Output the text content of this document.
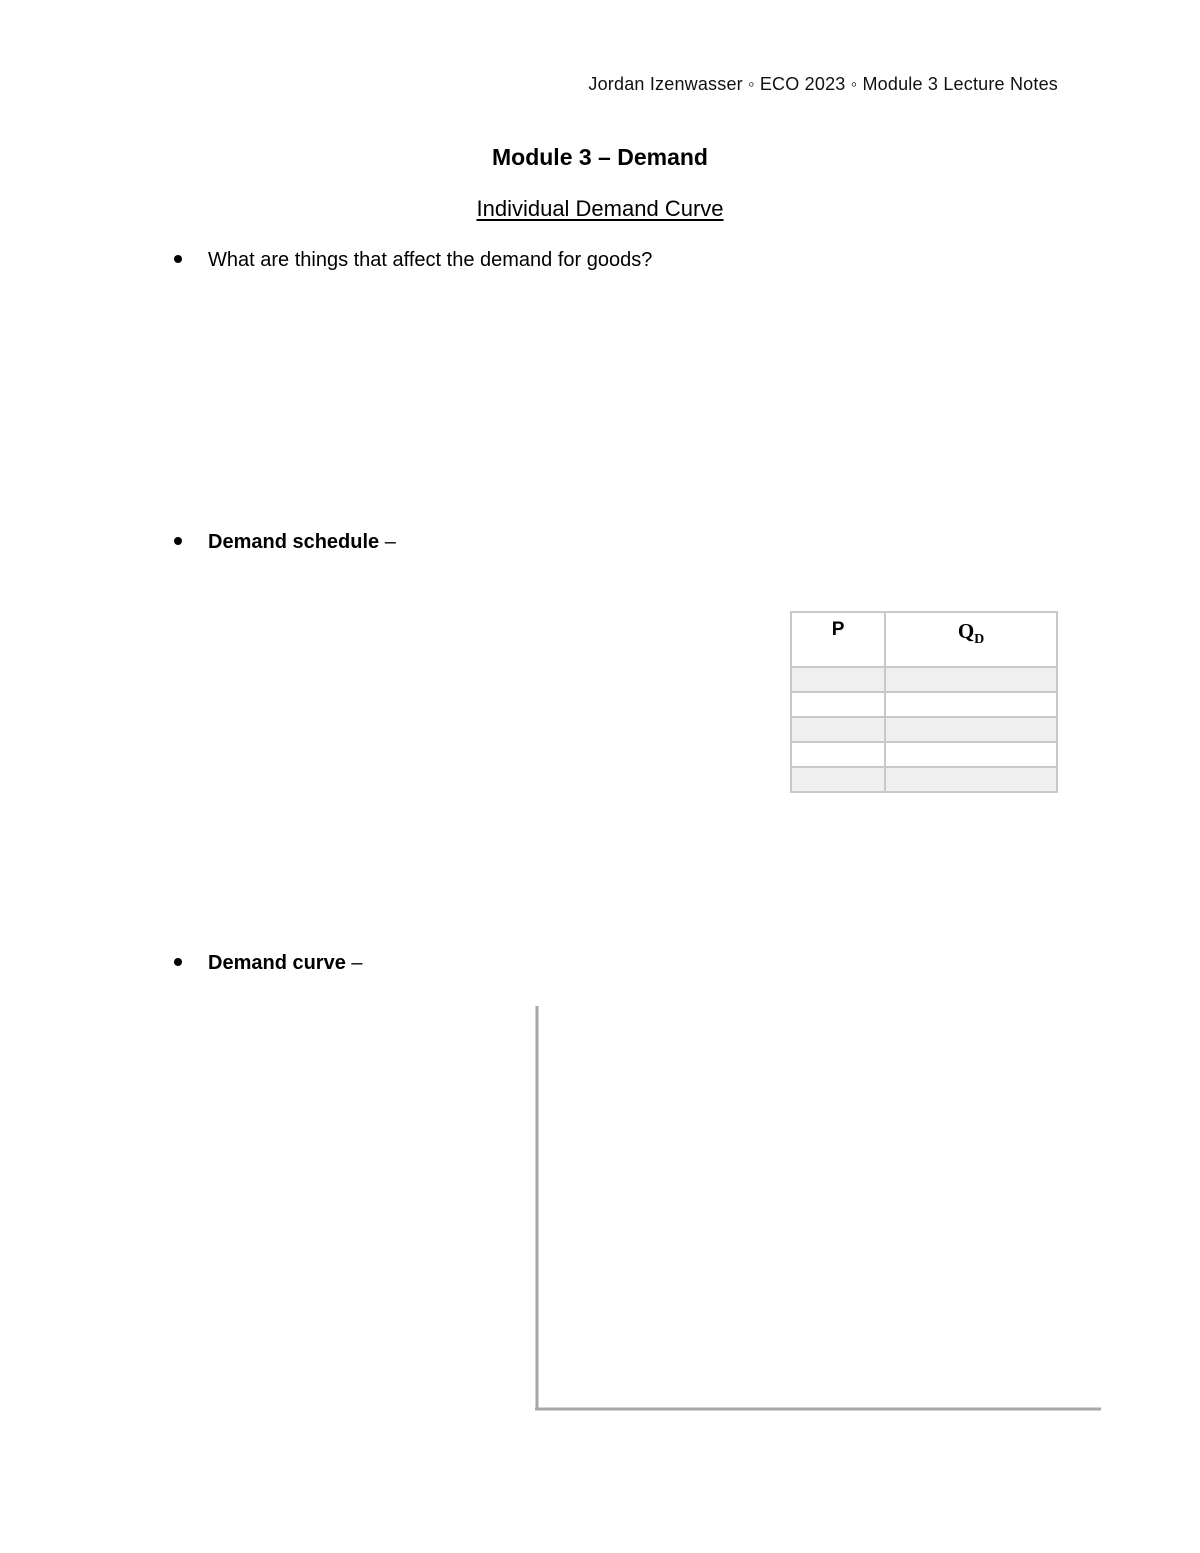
Jordan Izenwasser ◦ ECO 2023 ◦ Module 3 Lecture Notes
Module 3 – Demand
Individual Demand Curve
What are things that affect the demand for goods?
Demand schedule –
P	$Q_D$

Demand curve –
